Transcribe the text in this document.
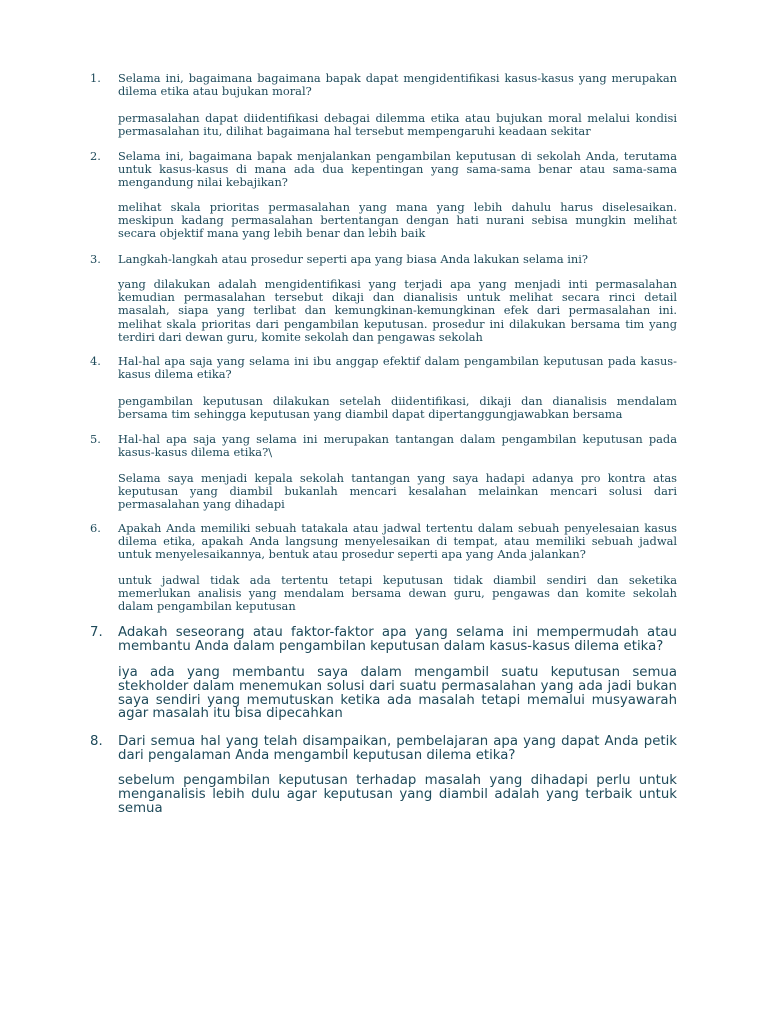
1. Selama ini, bagaimana bagaimana bapak dapat mengidentifikasi kasus-kasus yang merupakan dilema etika atau bujukan moral?

permasalahan dapat diidentifikasi debagai dilemma etika atau bujukan moral melalui kondisi permasalahan itu, dilihat bagaimana hal tersebut mempengaruhi keadaan sekitar

2. Selama ini, bagaimana bapak menjalankan pengambilan keputusan di sekolah Anda, terutama untuk kasus-kasus di mana ada dua kepentingan yang sama-sama benar atau sama-sama mengandung nilai kebajikan?

melihat skala prioritas permasalahan yang mana yang lebih dahulu harus diselesaikan. meskipun kadang permasalahan bertentangan dengan hati nurani sebisa mungkin melihat secara objektif mana yang lebih benar dan lebih baik

3. Langkah-langkah atau prosedur seperti apa yang biasa Anda lakukan selama ini?

yang dilakukan adalah mengidentifikasi yang terjadi apa yang menjadi inti permasalahan kemudian permasalahan tersebut dikaji dan dianalisis untuk melihat secara rinci detail masalah, siapa yang terlibat dan kemungkinan-kemungkinan efek dari permasalahan ini. melihat skala prioritas dari pengambilan keputusan. prosedur ini dilakukan bersama tim yang terdiri dari dewan guru, komite sekolah dan pengawas sekolah

4. Hal-hal apa saja yang selama ini ibu anggap efektif dalam pengambilan keputusan pada kasus-kasus dilema etika?

pengambilan keputusan dilakukan setelah diidentifikasi, dikaji dan dianalisis mendalam bersama tim sehingga keputusan yang diambil dapat dipertanggungjawabkan bersama

5. Hal-hal apa saja yang selama ini merupakan tantangan dalam pengambilan keputusan pada kasus-kasus dilema etika?\

Selama saya menjadi kepala sekolah tantangan yang saya hadapi adanya pro kontra atas keputusan yang diambil bukanlah mencari kesalahan melainkan mencari solusi dari permasalahan yang dihadapi

6. Apakah Anda memiliki sebuah tatakala atau jadwal tertentu dalam sebuah penyelesaian kasus dilema etika, apakah Anda langsung menyelesaikan di tempat, atau memiliki sebuah jadwal untuk menyelesaikannya, bentuk atau prosedur seperti apa yang Anda jalankan?

untuk jadwal tidak ada tertentu tetapi keputusan tidak diambil sendiri dan seketika memerlukan analisis yang mendalam bersama dewan guru, pengawas dan komite sekolah dalam pengambilan keputusan

7. Adakah seseorang atau faktor-faktor apa yang selama ini mempermudah atau membantu Anda dalam pengambilan keputusan dalam kasus-kasus dilema etika?

iya ada yang membantu saya dalam mengambil suatu keputusan semua stekholder dalam menemukan solusi dari suatu permasalahan yang ada jadi bukan saya sendiri yang memutuskan ketika ada masalah tetapi memalui musyawarah agar masalah itu bisa dipecahkan

8. Dari semua hal yang telah disampaikan, pembelajaran apa yang dapat Anda petik dari pengalaman Anda mengambil keputusan dilema etika?

sebelum pengambilan keputusan terhadap masalah yang dihadapi perlu untuk menganalisis lebih dulu agar keputusan yang diambil adalah yang terbaik untuk semua
